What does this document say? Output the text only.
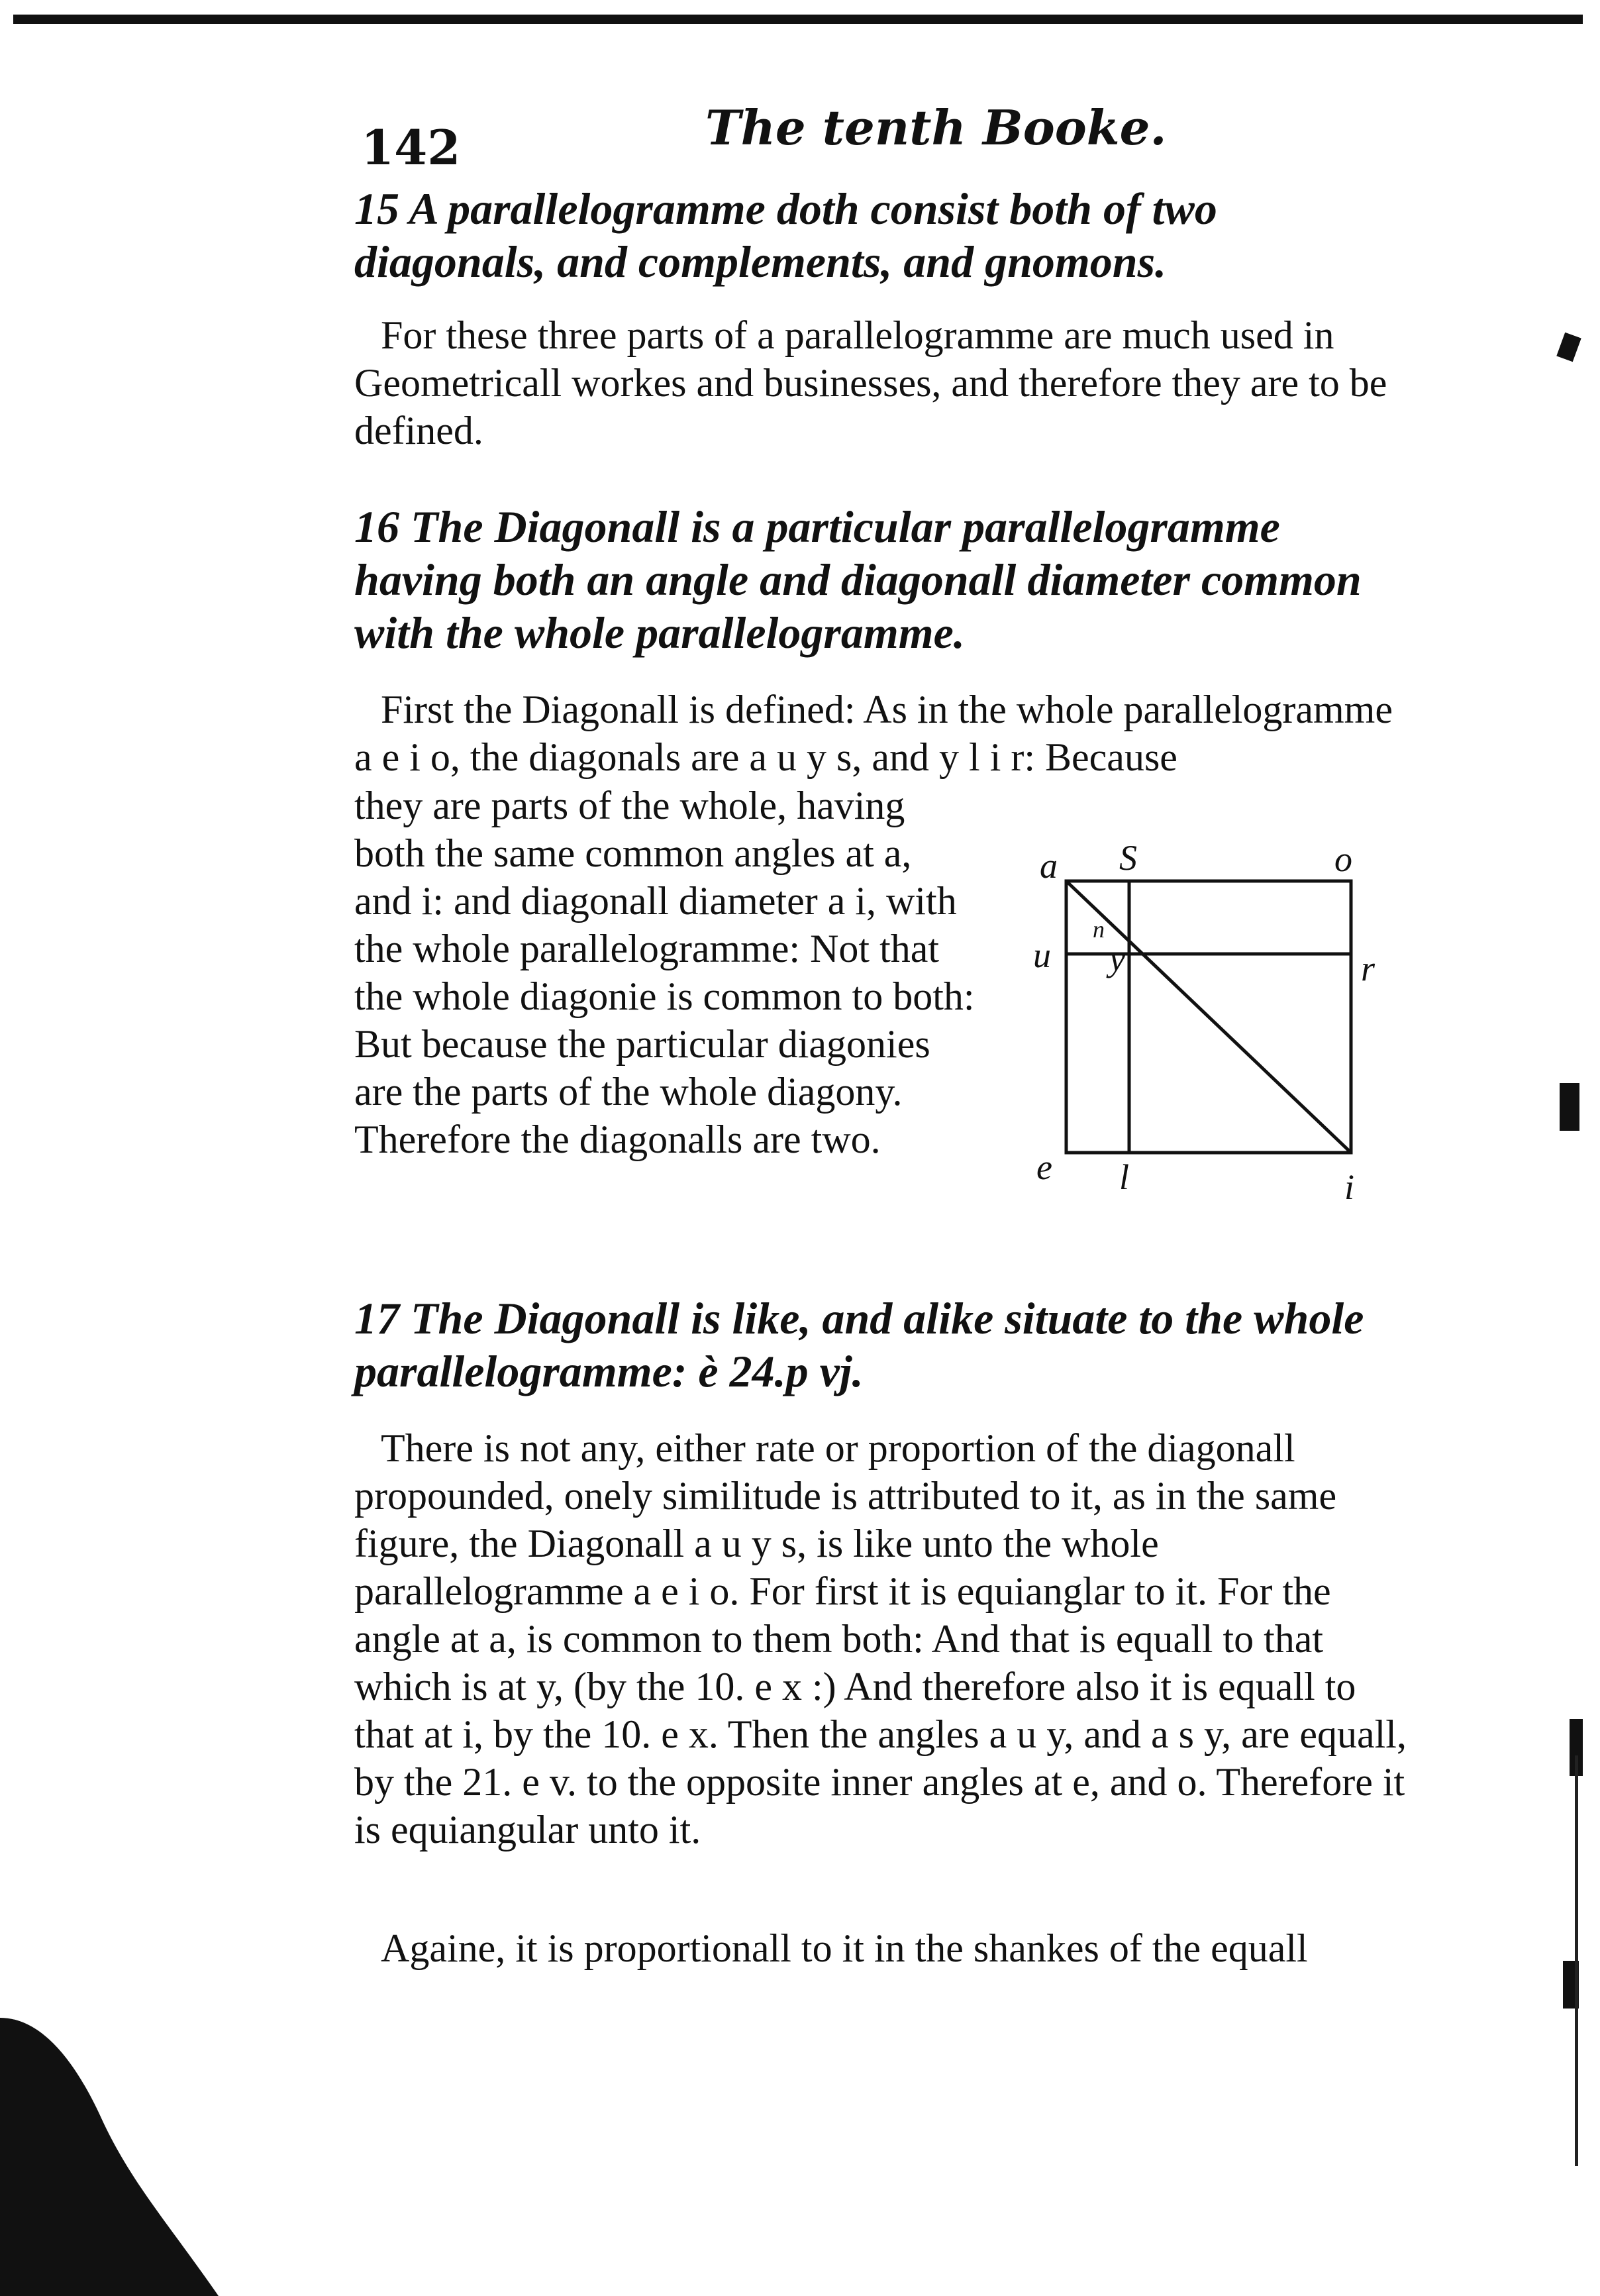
142	The tenth Booke.
15 A parallelogramme doth consist both of two diagonals, and complements, and gnomons.
For these three parts of a parallelogramme are much used in Geometricall workes and businesses, and therefore they are to be defined.
16 The Diagonall is a particular parallelogramme having both an angle and diagonall diameter common with the whole parallelogramme.
First the Diagonall is defined: As in the whole parallelogramme a e i o, the diagonals are a u y s, and y l i r: Because
they are parts of the whole, having both the same common angles at a, and i: and diagonall diameter a i, with the whole parallelogramme: Not that the whole diagonie is common to both: But because the particular diagonies are the parts of the whole diagony. Therefore the diagonalls are two.
a S	o
u	r
y
n
e l	i
17 The Diagonall is like, and alike situate to the whole parallelogramme: è 24.p vj.
There is not any, either rate or proportion of the diagonall propounded, onely similitude is attributed to it, as in the same figure, the Diagonall a u y s, is like unto the whole parallelogramme a e i o. For first it is equianglar to it. For the angle at a, is common to them both: And that is equall to that which is at y, (by the 10. e x :) And therefore also it is equall to that at i, by the 10. e x. Then the angles a u y, and a s y, are equall, by the 21. e v. to the opposite inner angles at e, and o. Therefore it is equiangular unto it.
Againe, it is proportionall to it in the shankes of the equall
